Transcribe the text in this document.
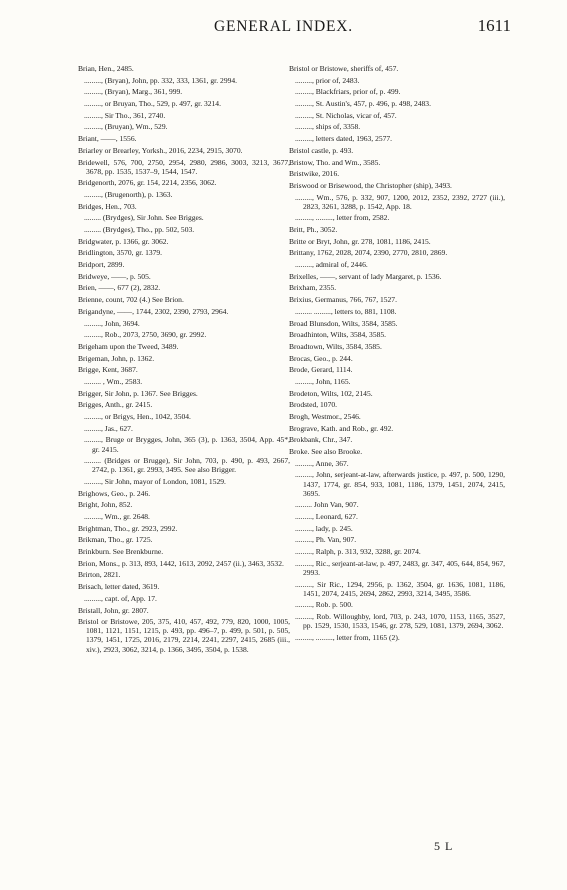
GENERAL INDEX.	1611

Brian, Hen., 2485.

........., (Bryan), John, pp. 332, 333, 1361, gr. 2994.

........., (Bryan), Marg., 361, 999.

........., or Bruyan, Tho., 529, p. 497, gr. 3214.

........., Sir Tho., 361, 2740.

........., (Bruyan), Wm., 529.

Briant, ——, 1556.

Briarley or Brearley, Yorksh., 2016, 2234, 2915, 3070.

Bridewell, 576, 700, 2750, 2954, 2980, 2986, 3003, 3213, 3677, 3678, pp. 1535, 1537–9, 1544, 1547.

Bridgenorth, 2076, gr. 154, 2214, 2356, 3062.

........., (Brugenorth), p. 1363.

Bridges, Hen., 703.

......... (Brydges), Sir John. See Brigges.

......... (Brydges), Tho., pp. 502, 503.

Bridgwater, p. 1366, gr. 3062.

Bridlington, 3570, gr. 1379.

Bridport, 2899.

Bridweye, ——, p. 505.

Brien, ——, 677 (2), 2832.

Brienne, count, 702 (4.) See Brion.

Brigandyne, ——, 1744, 2302, 2390, 2793, 2964.

........., John, 3694.

........., Rob., 2073, 2750, 3690, gr. 2992.

Brigeham upon the Tweed, 3489.

Brigeman, John, p. 1362.

Brigge, Kent, 3687.

......... , Wm., 2583.

Brigger, Sir John, p. 1367. See Brigges.

Brigges, Anth., gr. 2415.

........., or Brigys, Hen., 1042, 3504.

........., Jas., 627.

........., Bruge or Brygges, John, 365 (3), p. 1363, 3504, App. 45*, gr. 2415.

......... (Bridges or Brugge), Sir John, 703, p. 490, p. 493, 2667, 2742, p. 1361, gr. 2993, 3495. See also Brigger.

........., Sir John, mayor of London, 1081, 1529.

Brighows, Geo., p. 246.

Bright, John, 852.

........., Wm., gr. 2648.

Brightman, Tho., gr. 2923, 2992.

Brikman, Tho., gr. 1725.

Brinkburn. See Brenkburne.

Brion, Mons., p. 313, 893, 1442, 1613, 2092, 2457 (ii.), 3463, 3532.

Brirton, 2821.

Brisach, letter dated, 3619.

........., capt. of, App. 17.

Bristall, John, gr. 2807.

Bristol or Bristowe, 205, 375, 410, 457, 492, 779, 820, 1000, 1005, 1081, 1121, 1151, 1215, p. 493, pp. 496–7, p. 499, p. 501, p. 505, 1379, 1451, 1725, 2016, 2179, 2214, 2241, 2297, 2415, 2685 (iii., xiv.), 2923, 3062, 3214, p. 1366, 3495, 3504, p. 1538.

Bristol or Bristowe, sheriffs of, 457.

........., prior of, 2483.

........., Blackfriars, prior of, p. 499.

........., St. Austin's, 457, p. 496, p. 498, 2483.

........., St. Nicholas, vicar of, 457.

........., ships of, 3358.

........., letters dated, 1963, 2577.

Bristol castle, p. 493.

Bristow, Tho. and Wm., 3585.

Bristwike, 2016.

Briswood or Brisewood, the Christopher (ship), 3493.

........., Wm., 576, p. 332, 907, 1200, 2012, 2352, 2392, 2727 (iii.), 2823, 3261, 3288, p. 1542, App. 18.

........., ........., letter from, 2582.

Britt, Ph., 3052.

Britte or Bryt, John, gr. 278, 1081, 1186, 2415.

Brittany, 1762, 2028, 2074, 2390, 2770, 2810, 2869.

........., admiral of, 2446.

Brixelles, ——, servant of lady Margaret, p. 1536.

Brixham, 2355.

Brixius, Germanus, 766, 767, 1527.

......... ........., letters to, 881, 1108.

Broad Blunsdon, Wilts, 3584, 3585.

Broadhinton, Wilts, 3584, 3585.

Broadtown, Wilts, 3584, 3585.

Brocas, Geo., p. 244.

Brode, Gerard, 1114.

........., John, 1165.

Brodeton, Wilts, 102, 2145.

Brodsted, 1070.

Brogh, Westmor., 2546.

Brograve, Kath. and Rob., gr. 492.

Brokbank, Chr., 347.

Broke. See also Brooke.

........., Anne, 367.

........., John, serjeant-at-law, afterwards justice, p. 497, p. 500, 1290, 1437, 1774, gr. 854, 933, 1081, 1186, 1379, 1451, 2074, 2415, 3695.

......... John Van, 907.

........., Leonard, 627.

........., lady, p. 245.

........., Ph. Van, 907.

........., Ralph, p. 313, 932, 3288, gr. 2074.

........., Ric., serjeant-at-law, p. 497, 2483, gr. 347, 405, 644, 854, 967, 2993.

........., Sir Ric., 1294, 2956, p. 1362, 3504, gr. 1636, 1081, 1186, 1451, 2074, 2415, 2694, 2862, 2993, 3214, 3495, 3586.

........., Rob. p. 500.

........., Rob. Willoughby, lord, 703, p. 243, 1070, 1153, 1165, 3527, pp. 1529, 1530, 1533, 1546, gr. 278, 529, 1081, 1379, 2694, 3062.

........., ........., letter from, 1165 (2).

5 L
